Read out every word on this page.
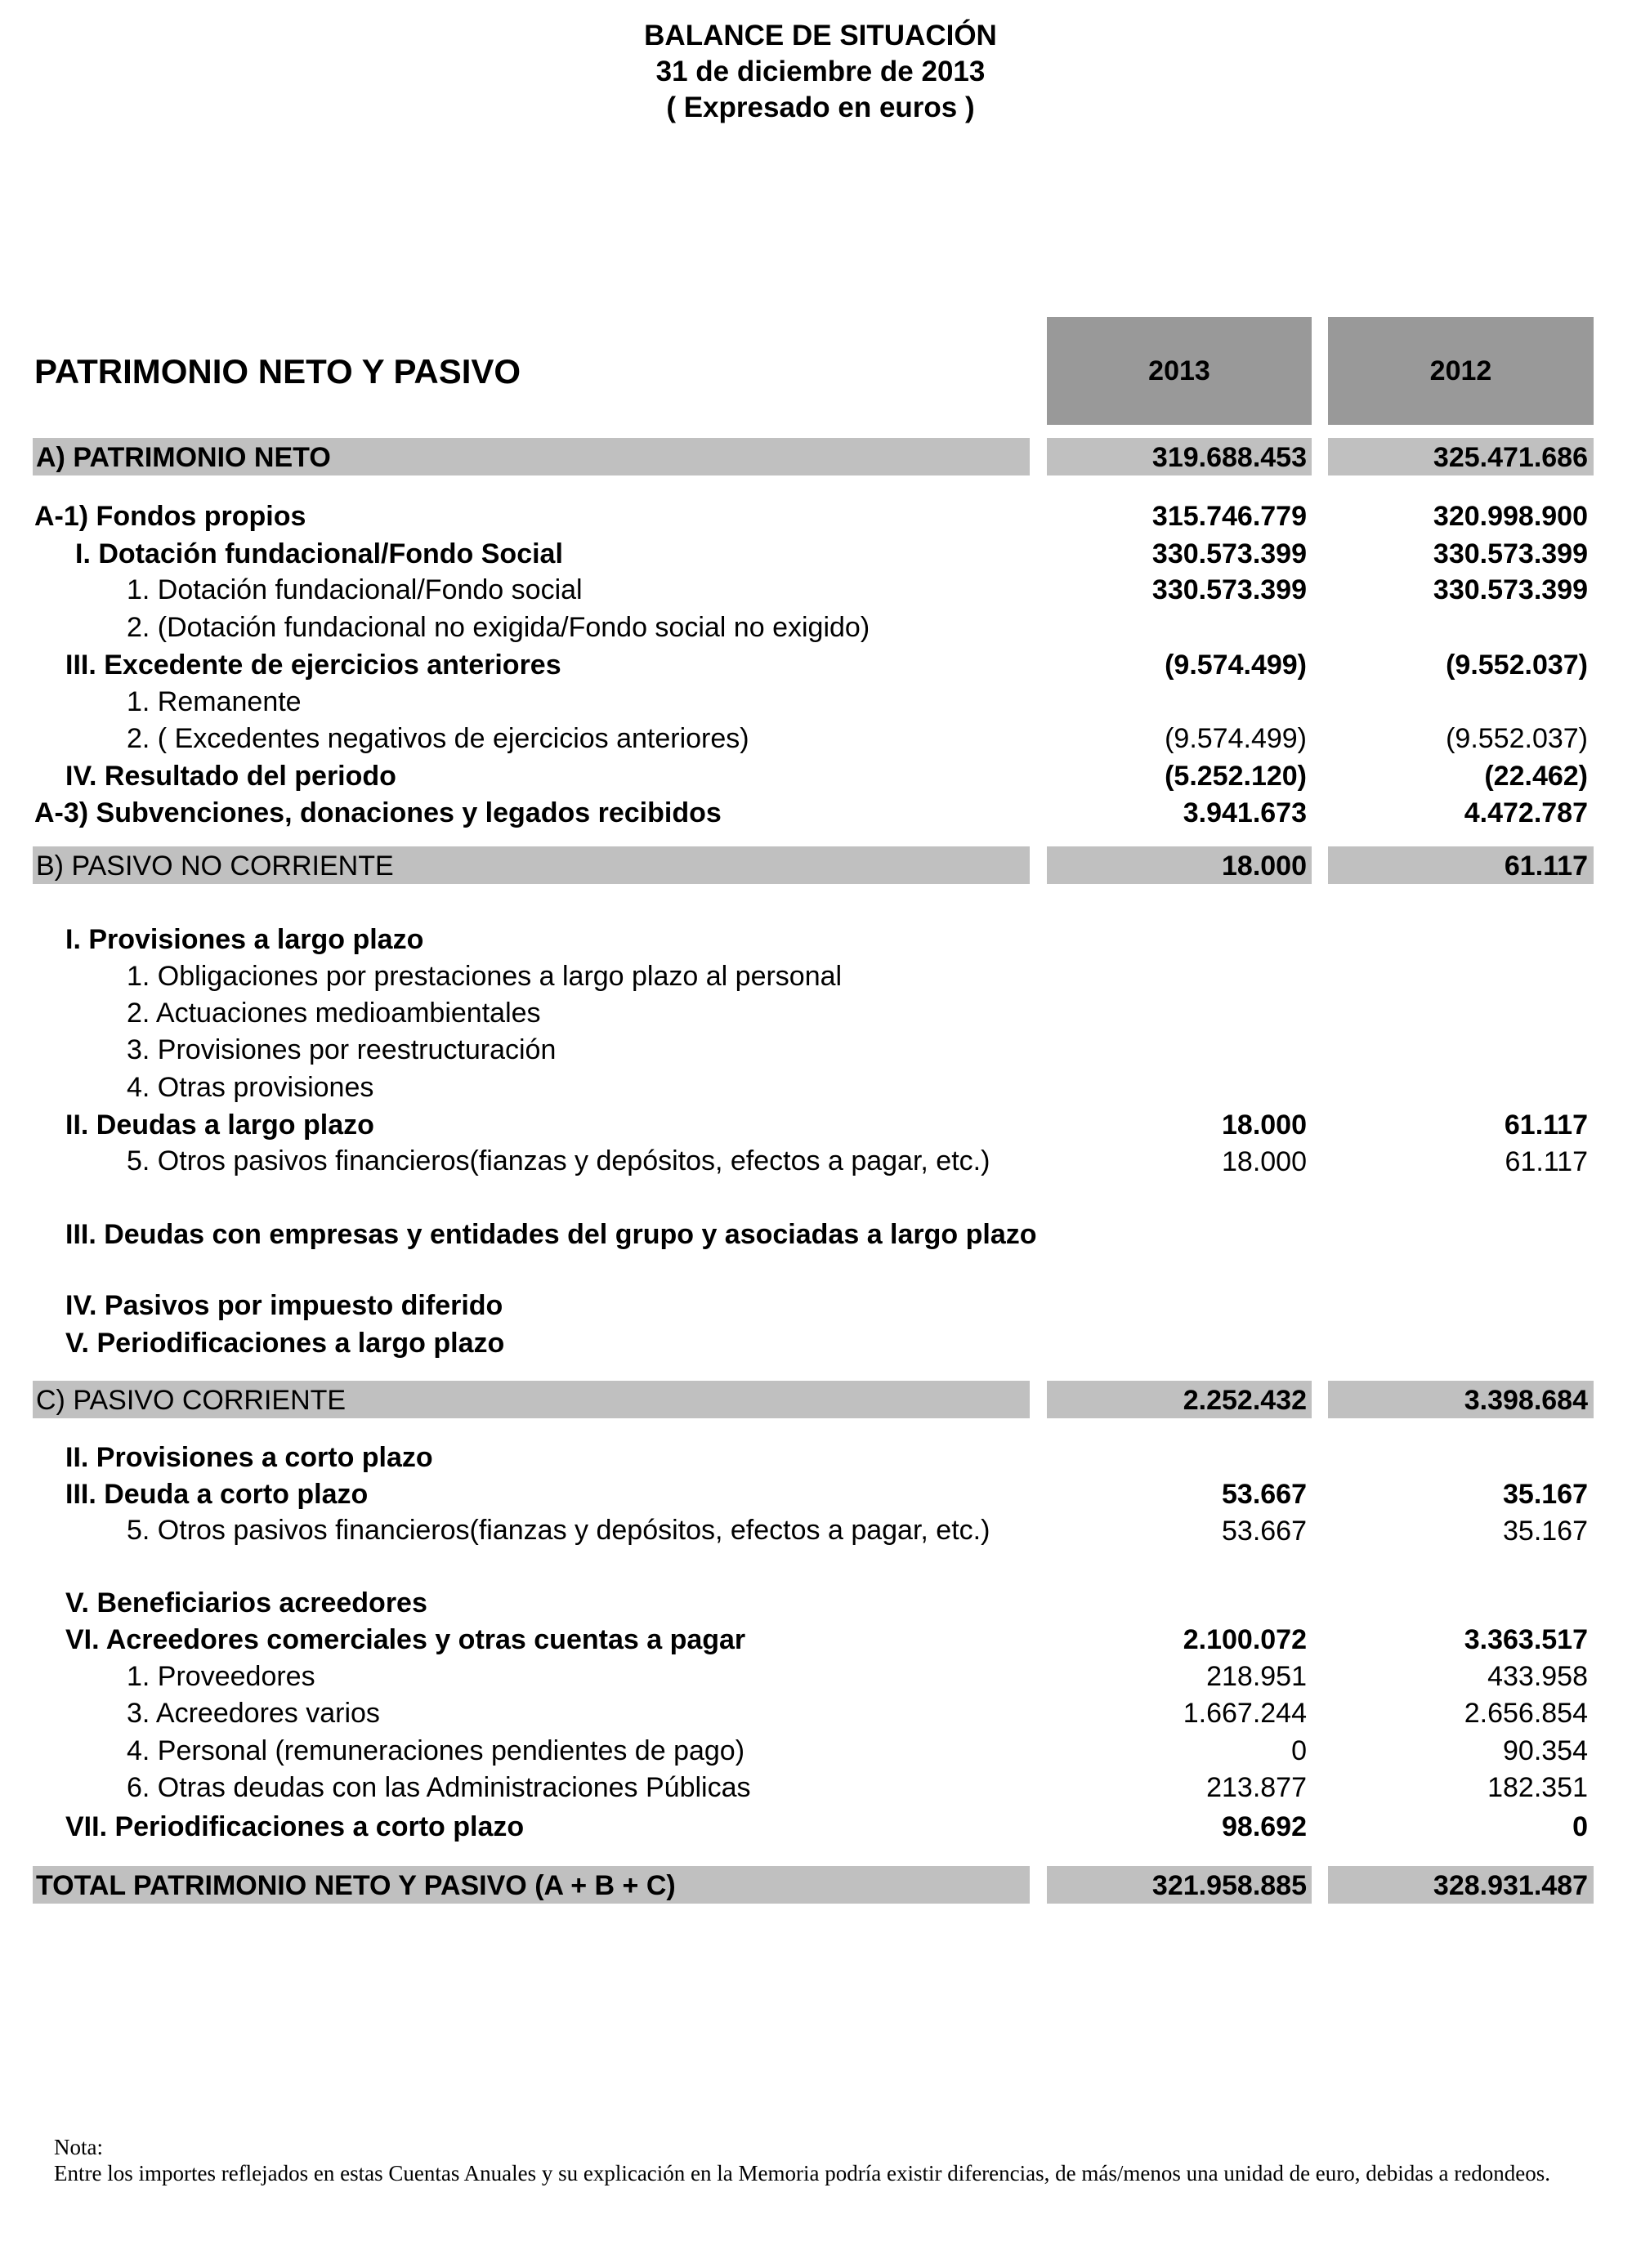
BALANCE DE SITUACIÓN
31 de diciembre de 2013
( Expresado en euros )
PATRIMONIO NETO Y PASIVO	2013	2012
A) PATRIMONIO NETO	319.688.453	325.471.686
A-1) Fondos propios	315.746.779	320.998.900
I. Dotación fundacional/Fondo Social	330.573.399	330.573.399
1. Dotación fundacional/Fondo social	330.573.399	330.573.399
2. (Dotación fundacional no exigida/Fondo social no exigido)
III. Excedente de ejercicios anteriores	(9.574.499)	(9.552.037)
1. Remanente
2. ( Excedentes negativos de ejercicios anteriores)	(9.574.499)	(9.552.037)
IV. Resultado del periodo	(5.252.120)	(22.462)
A-3) Subvenciones, donaciones y legados recibidos	3.941.673	4.472.787
B) PASIVO NO CORRIENTE	18.000	61.117
I. Provisiones a largo plazo
1. Obligaciones por prestaciones a largo plazo al personal
2. Actuaciones medioambientales
3. Provisiones por reestructuración
4. Otras provisiones
II. Deudas a largo plazo	18.000	61.117
5. Otros pasivos financieros(fianzas y depósitos, efectos a pagar, etc.)	18.000	61.117
III. Deudas con empresas y entidades del grupo y asociadas a largo plazo
IV. Pasivos por impuesto diferido
V. Periodificaciones a largo plazo
C) PASIVO CORRIENTE	2.252.432	3.398.684
II. Provisiones a corto plazo
III. Deuda a corto plazo	53.667	35.167
5. Otros pasivos financieros(fianzas y depósitos, efectos a pagar, etc.)	53.667	35.167
V. Beneficiarios acreedores
VI. Acreedores comerciales y otras cuentas a pagar	2.100.072	3.363.517
1. Proveedores	218.951	433.958
3. Acreedores varios	1.667.244	2.656.854
4. Personal (remuneraciones pendientes de pago)	0	90.354
6. Otras deudas con las Administraciones Públicas	213.877	182.351
VII. Periodificaciones a corto plazo	98.692	0
TOTAL PATRIMONIO NETO Y PASIVO (A + B + C)	321.958.885	328.931.487
Nota:
Entre los importes reflejados en estas Cuentas Anuales y su explicación en la Memoria podría existir diferencias, de más/menos una unidad de euro, debidas a redondeos.
